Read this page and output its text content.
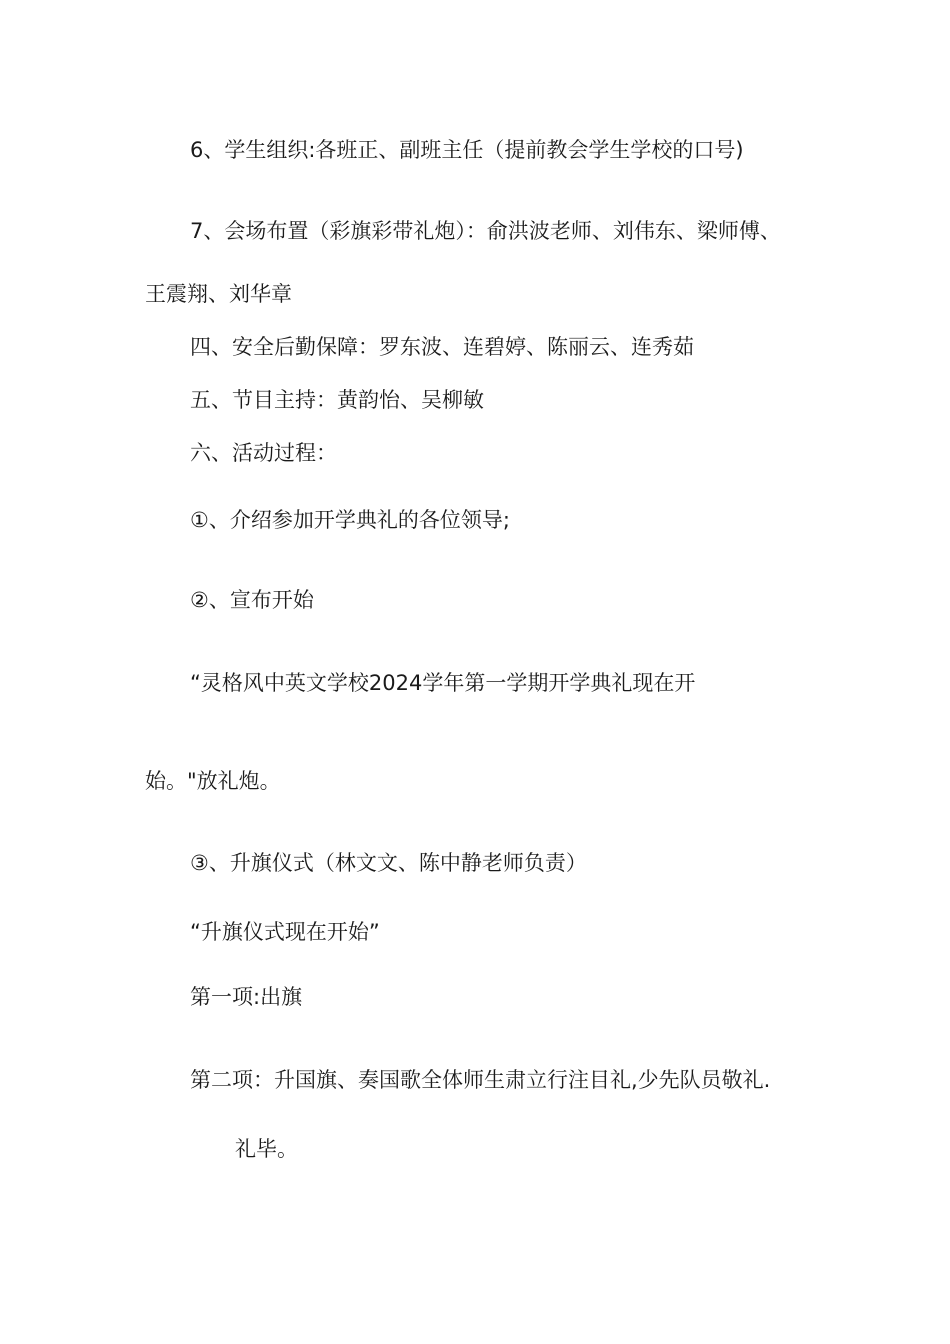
6、学生组织:各班正、副班主任（提前教会学生学校的口号)
7、会场布置（彩旗彩带礼炮）：俞洪波老师、刘伟东、梁师傅、
王震翔、刘华章
四、安全后勤保障：罗东波、连碧婷、陈丽云、连秀茹
五、节目主持：黄韵怡、吴柳敏
六、活动过程：
①、介绍参加开学典礼的各位领导;
②、宣布开始
“灵格风中英文学校2024学年第一学期开学典礼现在开
始。"放礼炮。
③、升旗仪式（林文文、陈中静老师负责）
“升旗仪式现在开始”
第一项:出旗
第二项：升国旗、奏国歌全体师生肃立行注目礼,少先队员敬礼.
礼毕。
